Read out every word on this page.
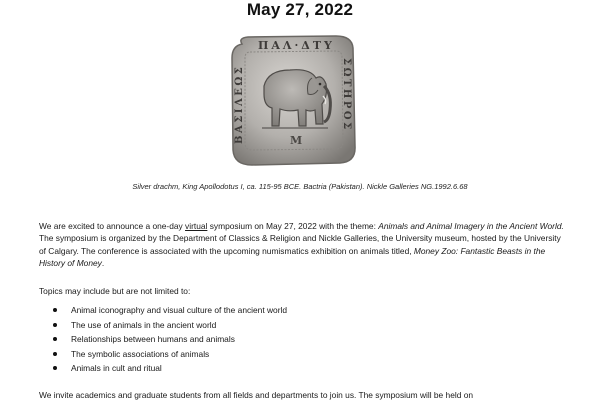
May 27, 2022
M
ΠΑΛ·ΔΤΥ
ΒΑΣΙΛΕΩΣ	ΣΩΤΗΡΟΣ
Silver drachm, King Apollodotus I, ca. 115-95 BCE. Bactria (Pakistan). Nickle Galleries NG.1992.6.68
We are excited to announce a one-day virtual symposium on May 27, 2022 with the theme: Animals and Animal Imagery in the Ancient World. The symposium is organized by the Department of Classics & Religion and Nickle Galleries, the University museum, hosted by the University of Calgary. The conference is associated with the upcoming numismatics exhibition on animals titled, Money Zoo: Fantastic Beasts in the History of Money.
Topics may include but are not limited to:
Animal iconography and visual culture of the ancient world
The use of animals in the ancient world
Relationships between humans and animals
The symbolic associations of animals
Animals in cult and ritual
We invite academics and graduate students from all fields and departments to join us. The symposium will be held on
